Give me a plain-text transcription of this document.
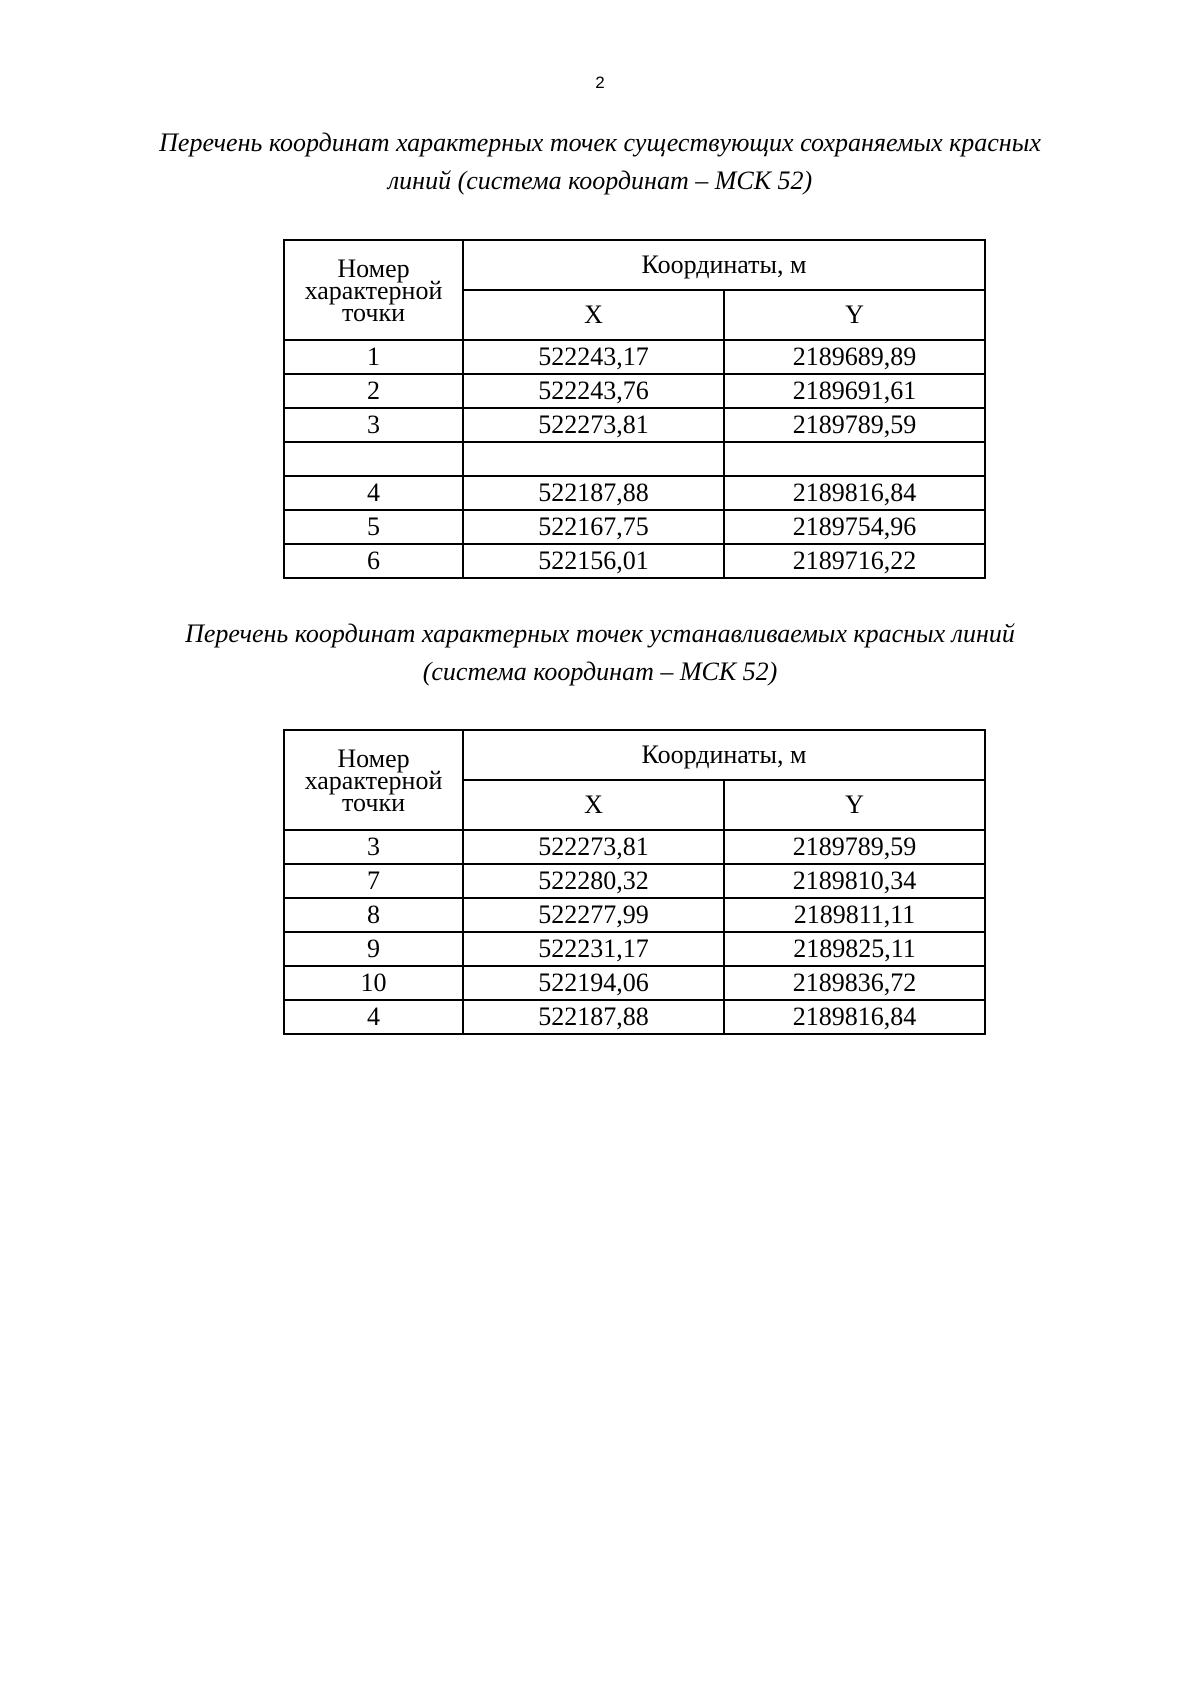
2
Перечень координат характерных точек существующих сохраняемых красных
линий (система координат – МСК 52)
Номер
характерной
точки	Координаты, м	
	X	Y
1	522243,17	2189689,89
2	522243,76	2189691,61
3	522273,81	2189789,59

4	522187,88	2189816,84
5	522167,75	2189754,96
6	522156,01	2189716,22
Перечень координат характерных точек устанавливаемых красных линий
(система координат – МСК 52)
Номер
характерной
точки	Координаты, м	
	X	Y
3	522273,81	2189789,59
7	522280,32	2189810,34
8	522277,99	2189811,11
9	522231,17	2189825,11
10	522194,06	2189836,72
4	522187,88	2189816,84
